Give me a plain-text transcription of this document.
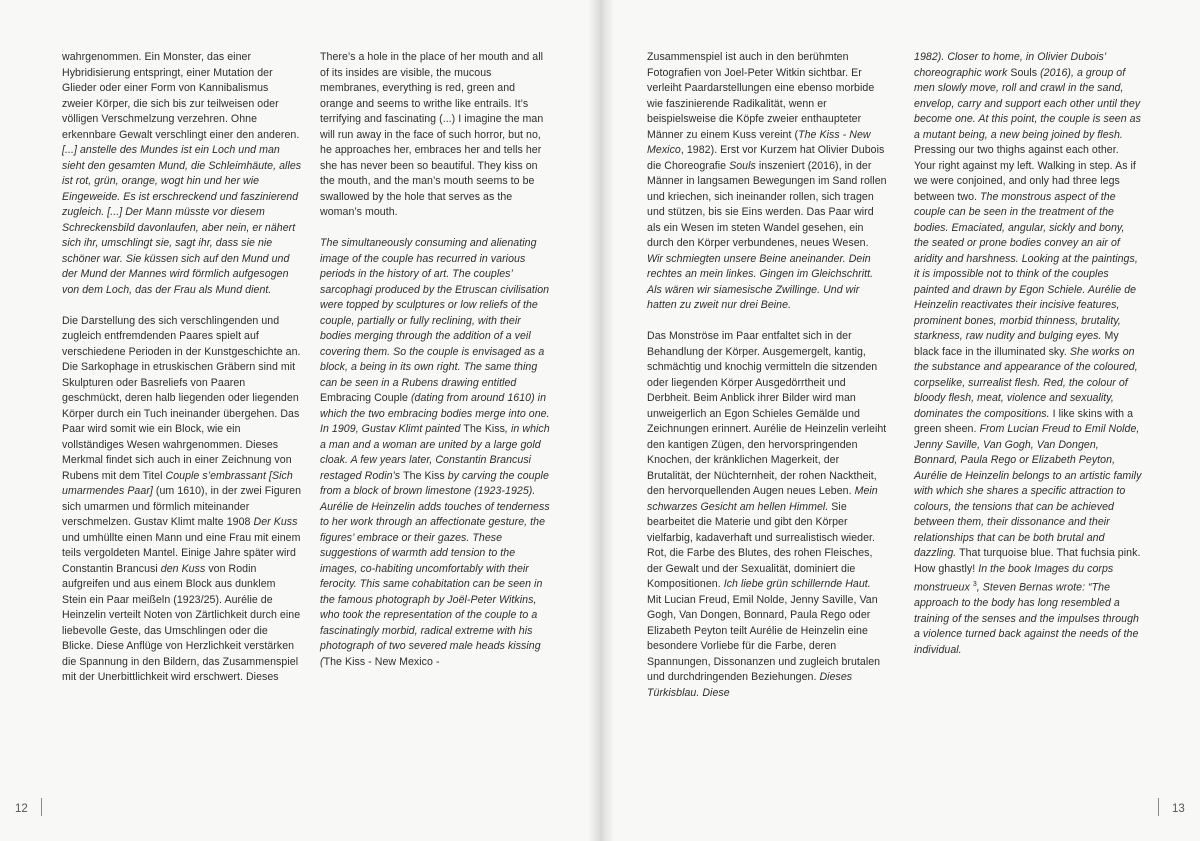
wahrgenommen. Ein Monster, das einer Hybridisierung entspringt, einer Mutation der Glieder oder einer Form von Kannibalismus zweier Körper, die sich bis zur teilweisen oder völligen Verschmelzung verzehren. Ohne erkennbare Gewalt verschlingt einer den anderen. [...] anstelle des Mundes ist ein Loch und man sieht den gesamten Mund, die Schleimhäute, alles ist rot, grün, orange, wogt hin und her wie Eingeweide. Es ist erschreckend und faszinierend zugleich. [...] Der Mann müsste vor diesem Schreckensbild davonlaufen, aber nein, er nähert sich ihr, umschlingt sie, sagt ihr, dass sie nie schöner war. Sie küssen sich auf den Mund und der Mund der Mannes wird förmlich aufgesogen von dem Loch, das der Frau als Mund dient.

Die Darstellung des sich verschlingenden und zugleich entfremdenden Paares spielt auf verschiedene Perioden in der Kunstgeschichte an. Die Sarkophage in etruskischen Gräbern sind mit Skulpturen oder Basreliefs von Paaren geschmückt, deren halb liegenden oder liegenden Körper durch ein Tuch ineinander übergehen. Das Paar wird somit wie ein Block, wie ein vollständiges Wesen wahrgenommen. Dieses Merkmal findet sich auch in einer Zeichnung von Rubens mit dem Titel Couple s’embrassant [Sich umarmendes Paar] (um 1610), in der zwei Figuren sich umarmen und förmlich miteinander verschmelzen. Gustav Klimt malte 1908 Der Kuss und umhüllte einen Mann und eine Frau mit einem teils vergoldeten Mantel. Einige Jahre später wird Constantin Brancusi den Kuss von Rodin aufgreifen und aus einem Block aus dunklem Stein ein Paar meißeln (1923/25). Aurélie de Heinzelin verteilt Noten von Zärtlichkeit durch eine liebevolle Geste, das Umschlingen oder die Blicke. Diese Anflüge von Herzlichkeit verstärken die Spannung in den Bildern, das Zusammenspiel mit der Unerbittlichkeit wird erschwert. Dieses

There’s a hole in the place of her mouth and all of its insides are visible, the mucous membranes, everything is red, green and orange and seems to writhe like entrails. It’s terrifying and fascinating (...) I imagine the man will run away in the face of such horror, but no, he approaches her, embraces her and tells her she has never been so beautiful. They kiss on the mouth, and the man’s mouth seems to be swallowed by the hole that serves as the woman’s mouth.

The simultaneously consuming and alienating image of the couple has recurred in various periods in the history of art. The couples’ sarcophagi produced by the Etruscan civilisation were topped by sculptures or low reliefs of the couple, partially or fully reclining, with their bodies merging through the addition of a veil covering them. So the couple is envisaged as a block, a being in its own right. The same thing can be seen in a Rubens drawing entitled Embracing Couple (dating from around 1610) in which the two embracing bodies merge into one. In 1909, Gustav Klimt painted The Kiss, in which a man and a woman are united by a large gold cloak. A few years later, Constantin Brancusi restaged Rodin’s The Kiss by carving the couple from a block of brown limestone (1923-1925). Aurélie de Heinzelin adds touches of tenderness to her work through an affectionate gesture, the figures’ embrace or their gazes. These suggestions of warmth add tension to the images, co-habiting uncomfortably with their ferocity. This same cohabitation can be seen in the famous photograph by Joël-Peter Witkins, who took the representation of the couple to a fascinatingly morbid, radical extreme with his photograph of two severed male heads kissing (The Kiss - New Mexico -

Zusammenspiel ist auch in den berühmten Fotografien von Joel-Peter Witkin sichtbar. Er verleiht Paardarstellungen eine ebenso morbide wie faszinierende Radikalität, wenn er beispielsweise die Köpfe zweier enthaupteter Männer zu einem Kuss vereint (The Kiss - New Mexico, 1982). Erst vor Kurzem hat Olivier Dubois die Choreografie Souls inszeniert (2016), in der Männer in langsamen Bewegungen im Sand rollen und kriechen, sich ineinander rollen, sich tragen und stützen, bis sie Eins werden. Das Paar wird als ein Wesen im steten Wandel gesehen, ein durch den Körper verbundenes, neues Wesen. Wir schmiegten unsere Beine aneinander. Dein rechtes an mein linkes. Gingen im Gleichschritt. Als wären wir siamesische Zwillinge. Und wir hatten zu zweit nur drei Beine.

Das Monströse im Paar entfaltet sich in der Behandlung der Körper. Ausgemergelt, kantig, schmächtig und knochig vermitteln die sitzenden oder liegenden Körper Ausgedörrtheit und Derbheit. Beim Anblick ihrer Bilder wird man unweigerlich an Egon Schieles Gemälde und Zeichnungen erinnert. Aurélie de Heinzelin verleiht den kantigen Zügen, den hervorspringenden Knochen, der kränklichen Magerkeit, der Brutalität, der Nüchternheit, der rohen Nacktheit, den hervorquellenden Augen neues Leben. Mein schwarzes Gesicht am hellen Himmel. Sie bearbeitet die Materie und gibt den Körper vielfarbig, kadaverhaft und surrealistisch wieder. Rot, die Farbe des Blutes, des rohen Fleisches, der Gewalt und der Sexualität, dominiert die Kompositionen. Ich liebe grün schillernde Haut. Mit Lucian Freud, Emil Nolde, Jenny Saville, Van Gogh, Van Dongen, Bonnard, Paula Rego oder Elizabeth Peyton teilt Aurélie de Heinzelin eine besondere Vorliebe für die Farbe, deren Spannungen, Dissonanzen und zugleich brutalen und durchdringenden Beziehungen. Dieses Türkisblau. Diese

1982). Closer to home, in Olivier Dubois’ choreographic work Souls (2016), a group of men slowly move, roll and crawl in the sand, envelop, carry and support each other until they become one. At this point, the couple is seen as a mutant being, a new being joined by flesh. Pressing our two thighs against each other. Your right against my left. Walking in step. As if we were conjoined, and only had three legs between two. The monstrous aspect of the couple can be seen in the treatment of the bodies. Emaciated, angular, sickly and bony, the seated or prone bodies convey an air of aridity and harshness. Looking at the paintings, it is impossible not to think of the couples painted and drawn by Egon Schiele. Aurélie de Heinzelin reactivates their incisive features, prominent bones, morbid thinness, brutality, starkness, raw nudity and bulging eyes. My black face in the illuminated sky. She works on the substance and appearance of the coloured, corpselike, surrealist flesh. Red, the colour of bloody flesh, meat, violence and sexuality, dominates the compositions. I like skins with a green sheen. From Lucian Freud to Emil Nolde, Jenny Saville, Van Gogh, Van Dongen, Bonnard, Paula Rego or Elizabeth Peyton, Aurélie de Heinzelin belongs to an artistic family with which she shares a specific attraction to colours, the tensions that can be achieved between them, their dissonance and their relationships that can be both brutal and dazzling. That turquoise blue. That fuchsia pink. How ghastly! In the book Images du corps monstrueux $^3$, Steven Bernas wrote: “The approach to the body has long resembled a training of the senses and the impulses through a violence turned back against the needs of the individual.

12	13
